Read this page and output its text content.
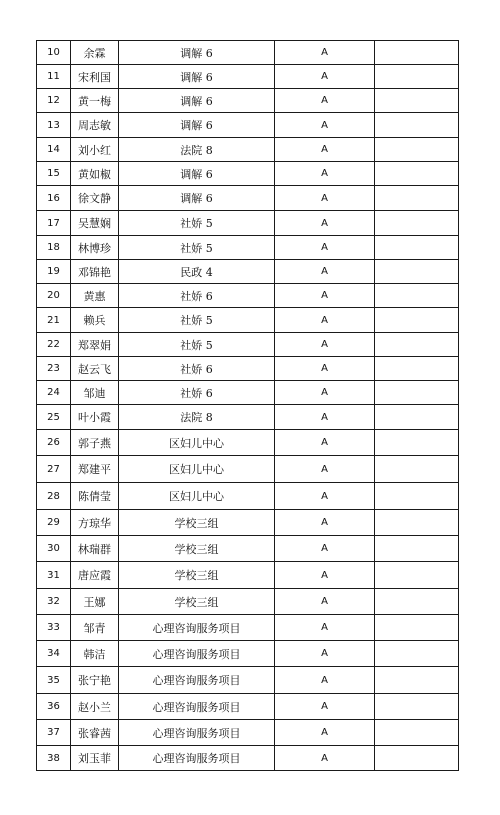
10	余霖	调解 6	A	
11	宋利国	调解 6	A	
12	黄一梅	调解 6	A	
13	周志敏	调解 6	A	
14	刘小红	法院 8	A	
15	黄如椒	调解 6	A	
16	徐文静	调解 6	A	
17	吴慧娴	社娇 5	A	
18	林博珍	社娇 5	A	
19	邓锦艳	民政 4	A	
20	黄惠	社娇 6	A	
21	赖兵	社娇 5	A	
22	郑翠娟	社娇 5	A	
23	赵云飞	社娇 6	A	
24	邹迪	社娇 6	A	
25	叶小霞	法院 8	A	
26	郭子燕	区妇儿中心	A	
27	郑建平	区妇儿中心	A	
28	陈倩莹	区妇儿中心	A	
29	方琼华	学校三组	A	
30	林瑞群	学校三组	A	
31	唐应霞	学校三组	A	
32	王娜	学校三组	A	
33	邹青	心理咨询服务项目	A	
34	韩洁	心理咨询服务项目	A	
35	张宁艳	心理咨询服务项目	A	
36	赵小兰	心理咨询服务项目	A	
37	张睿茜	心理咨询服务项目	A	
38	刘玉菲	心理咨询服务项目	A	
